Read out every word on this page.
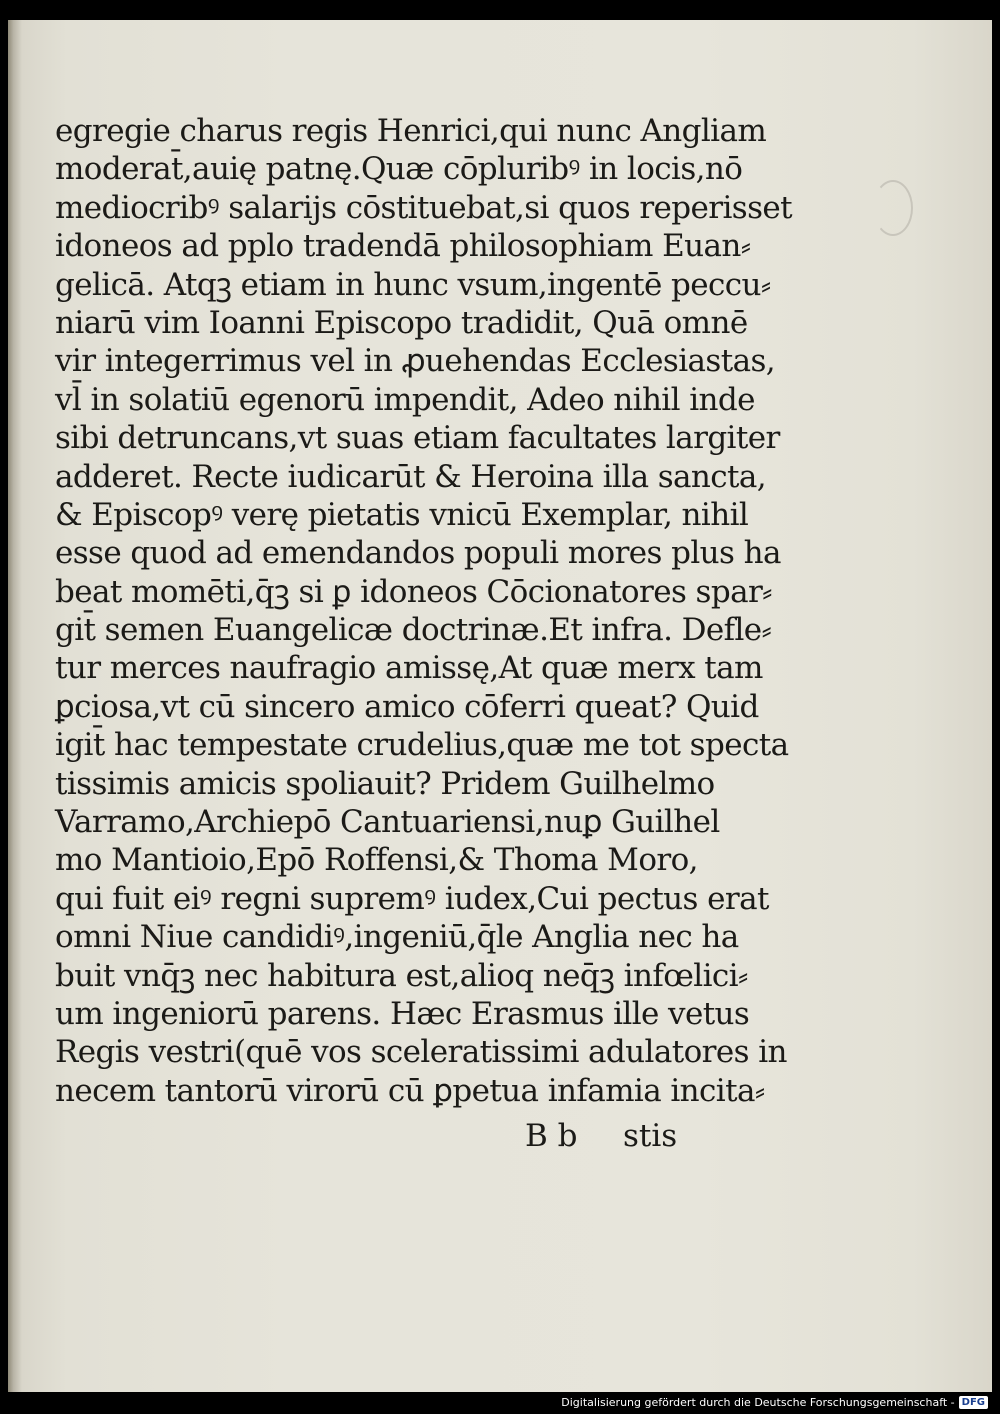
egregie charus regis Henrici,qui nunc Angliam
moderat̄,auię patnę.Quæ cōpluribꝰ in locis,nō
mediocribꝰ salarijs cōstituebat,si quos reperisset
idoneos ad pplo tradendā philosophiam Euan⸗
gelicā. Atqꝫ etiam in hunc vsum,ingentē peccu⸗
niarū vim Ioanni Episcopo tradidit, Quā omnē
vir integerrimus vel in ꝓuehendas Ecclesiastas,
vl̄ in solatiū egenorū impendit, Adeo nihil inde
sibi detruncans,vt suas etiam facultates largiter
adderet. Recte iudicarūt & Heroina illa sancta,
& Episcopꝰ verę pietatis vnicū Exemplar, nihil
esse quod ad emendandos populi mores plus ha
beat momēti,q̄ꝫ si ꝑ idoneos Cōcionatores spar⸗
git̄ semen Euangelicæ doctrinæ.Et infra. Defle⸗
tur merces naufragio amissę,At quæ merx tam
ꝑciosa,vt cū sincero amico cōferri queat? Quid
igit̄ hac tempestate crudelius,quæ me tot specta
tissimis amicis spoliauit? Pridem Guilhelmo
Varramo,Archiepō Cantuariensi,nuꝑ Guilhel
mo Mantioio,Epō Roffensi,& Thoma Moro,
qui fuit eiꝰ regni supremꝰ iudex,Cui pectus erat
omni Niue candidiꝰ,ingeniū,q̄le Anglia nec ha
buit vnq̄ꝫ nec habitura est,alioq neq̄ꝫ infœlici⸗
um ingeniorū parens. Hæc Erasmus ille vetus
Regis vestri(quē vos sceleratissimi adulatores in
necem tantorū virorū cū ꝑpetua infamia incita⸗
B b stis
Digitalisierung gefördert durch die Deutsche Forschungsgemeinschaft - DFG
